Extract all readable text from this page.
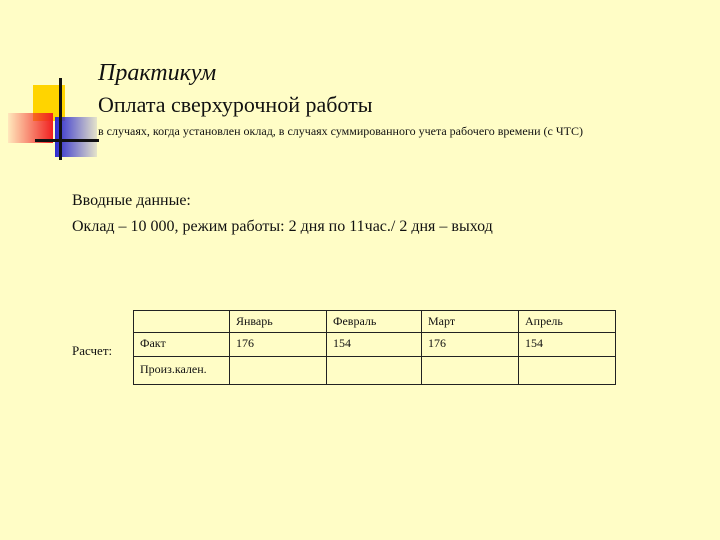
Практикум
Оплата сверхурочной работы
в случаях, когда установлен оклад, в случаях суммированного учета рабочего времени (с ЧТС)
Вводные данные:
Оклад – 10 000, режим работы: 2 дня по 11час./ 2 дня – выход
Расчет:
	Январь	Февраль	Март	Апрель
Факт	176	154	176	154
Произ.кален.				
